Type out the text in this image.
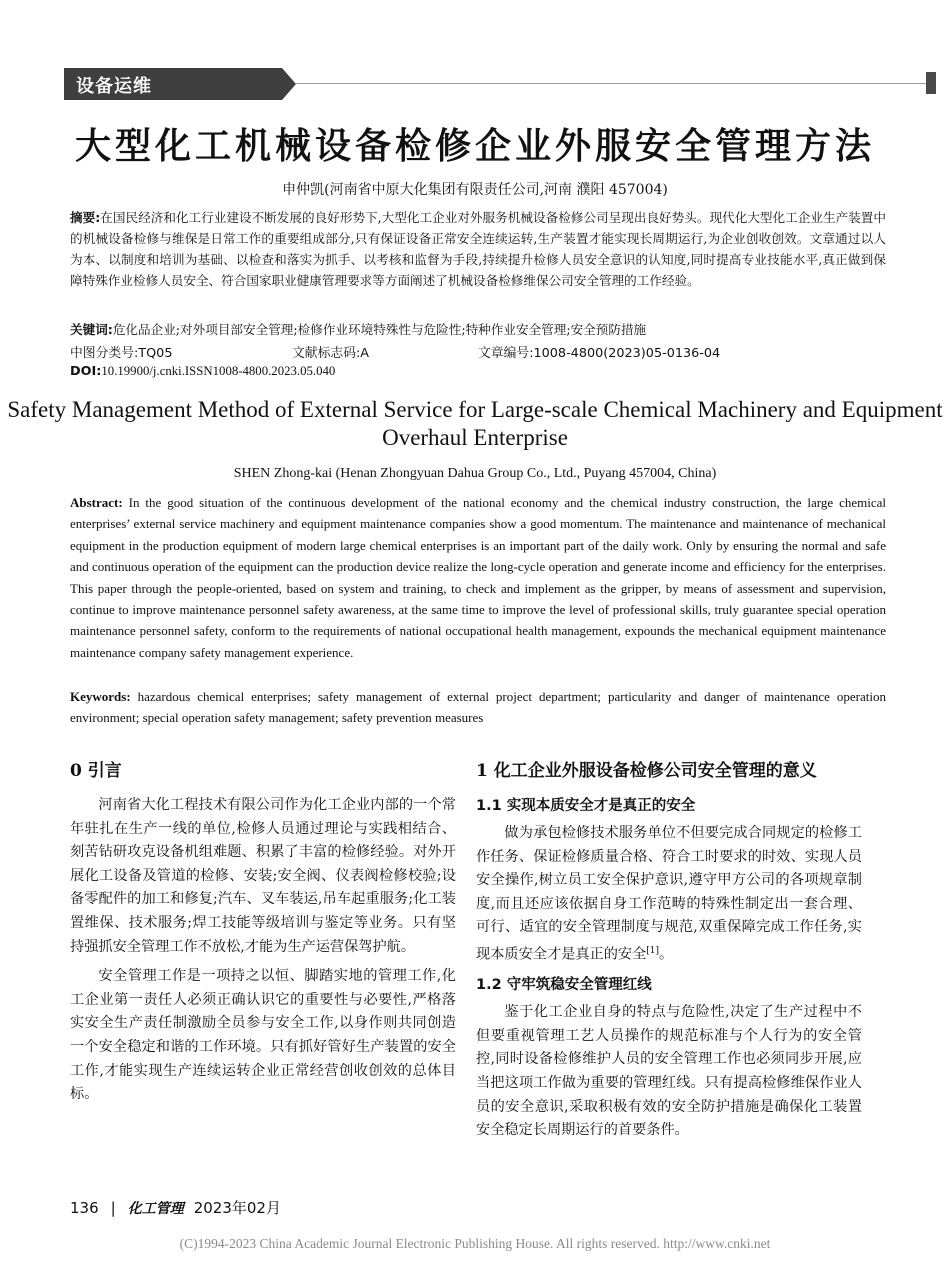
设备运维
大型化工机械设备检修企业外服安全管理方法
申仲凯(河南省中原大化集团有限责任公司,河南 濮阳 457004)
摘要:在国民经济和化工行业建设不断发展的良好形势下,大型化工企业对外服务机械设备检修公司呈现出良好势头。现代化大型化工企业生产装置中的机械设备检修与维保是日常工作的重要组成部分,只有保证设备正常安全连续运转,生产装置才能实现长周期运行,为企业创收创效。文章通过以人为本、以制度和培训为基础、以检查和落实为抓手、以考核和监督为手段,持续提升检修人员安全意识的认知度,同时提高专业技能水平,真正做到保障特殊作业检修人员安全、符合国家职业健康管理要求等方面阐述了机械设备检修维保公司安全管理的工作经验。
关键词:危化品企业;对外项目部安全管理;检修作业环境特殊性与危险性;特种作业安全管理;安全预防措施
中图分类号:TQ05	文献标志码:A	文章编号:1008-4800(2023)05-0136-04
DOI:10.19900/j.cnki.ISSN1008-4800.2023.05.040
Safety Management Method of External Service for Large-scale Chemical Machinery and Equipment Overhaul Enterprise
SHEN Zhong-kai (Henan Zhongyuan Dahua Group Co., Ltd., Puyang 457004, China)
Abstract: In the good situation of the continuous development of the national economy and the chemical industry construction, the large chemical enterprises’ external service machinery and equipment maintenance companies show a good momentum. The maintenance and maintenance of mechanical equipment in the production equipment of modern large chemical enterprises is an important part of the daily work. Only by ensuring the normal and safe and continuous operation of the equipment can the production device realize the long-cycle operation and generate income and efficiency for the enterprises. This paper through the people-oriented, based on system and training, to check and implement as the gripper, by means of assessment and supervision, continue to improve maintenance personnel safety awareness, at the same time to improve the level of professional skills, truly guarantee special operation maintenance personnel safety, conform to the requirements of national occupational health management, expounds the mechanical equipment maintenance maintenance company safety management experience.
Keywords: hazardous chemical enterprises; safety management of external project department; particularity and danger of maintenance operation environment; special operation safety management; safety prevention measures
0 引言

河南省大化工程技术有限公司作为化工企业内部的一个常年驻扎在生产一线的单位,检修人员通过理论与实践相结合、刻苦钻研攻克设备机组难题、积累了丰富的检修经验。对外开展化工设备及管道的检修、安装;安全阀、仪表阀检修校验;设备零配件的加工和修复;汽车、叉车装运,吊车起重服务;化工装置维保、技术服务;焊工技能等级培训与鉴定等业务。只有坚持强抓安全管理工作不放松,才能为生产运营保驾护航。

安全管理工作是一项持之以恒、脚踏实地的管理工作,化工企业第一责任人必须正确认识它的重要性与必要性,严格落实安全生产责任制激励全员参与安全工作,以身作则共同创造一个安全稳定和谐的工作环境。只有抓好管好生产装置的安全工作,才能实现生产连续运转企业正常经营创收创效的总体目标。

1 化工企业外服设备检修公司安全管理的意义
1.1 实现本质安全才是真正的安全

做为承包检修技术服务单位不但要完成合同规定的检修工作任务、保证检修质量合格、符合工时要求的时效、实现人员安全操作,树立员工安全保护意识,遵守甲方公司的各项规章制度,而且还应该依据自身工作范畴的特殊性制定出一套合理、可行、适宜的安全管理制度与规范,双重保障完成工作任务,实现本质安全才是真正的安全[1]。

1.2 守牢筑稳安全管理红线

鉴于化工企业自身的特点与危险性,决定了生产过程中不但要重视管理工艺人员操作的规范标准与个人行为的安全管控,同时设备检修维护人员的安全管理工作也必须同步开展,应当把这项工作做为重要的管理红线。只有提高检修维保作业人员的安全意识,采取积极有效的安全防护措施是确保化工装置安全稳定长周期运行的首要条件。

136 | 化工管理 2023年02月
(C)1994-2023 China Academic Journal Electronic Publishing House. All rights reserved. http://www.cnki.net
